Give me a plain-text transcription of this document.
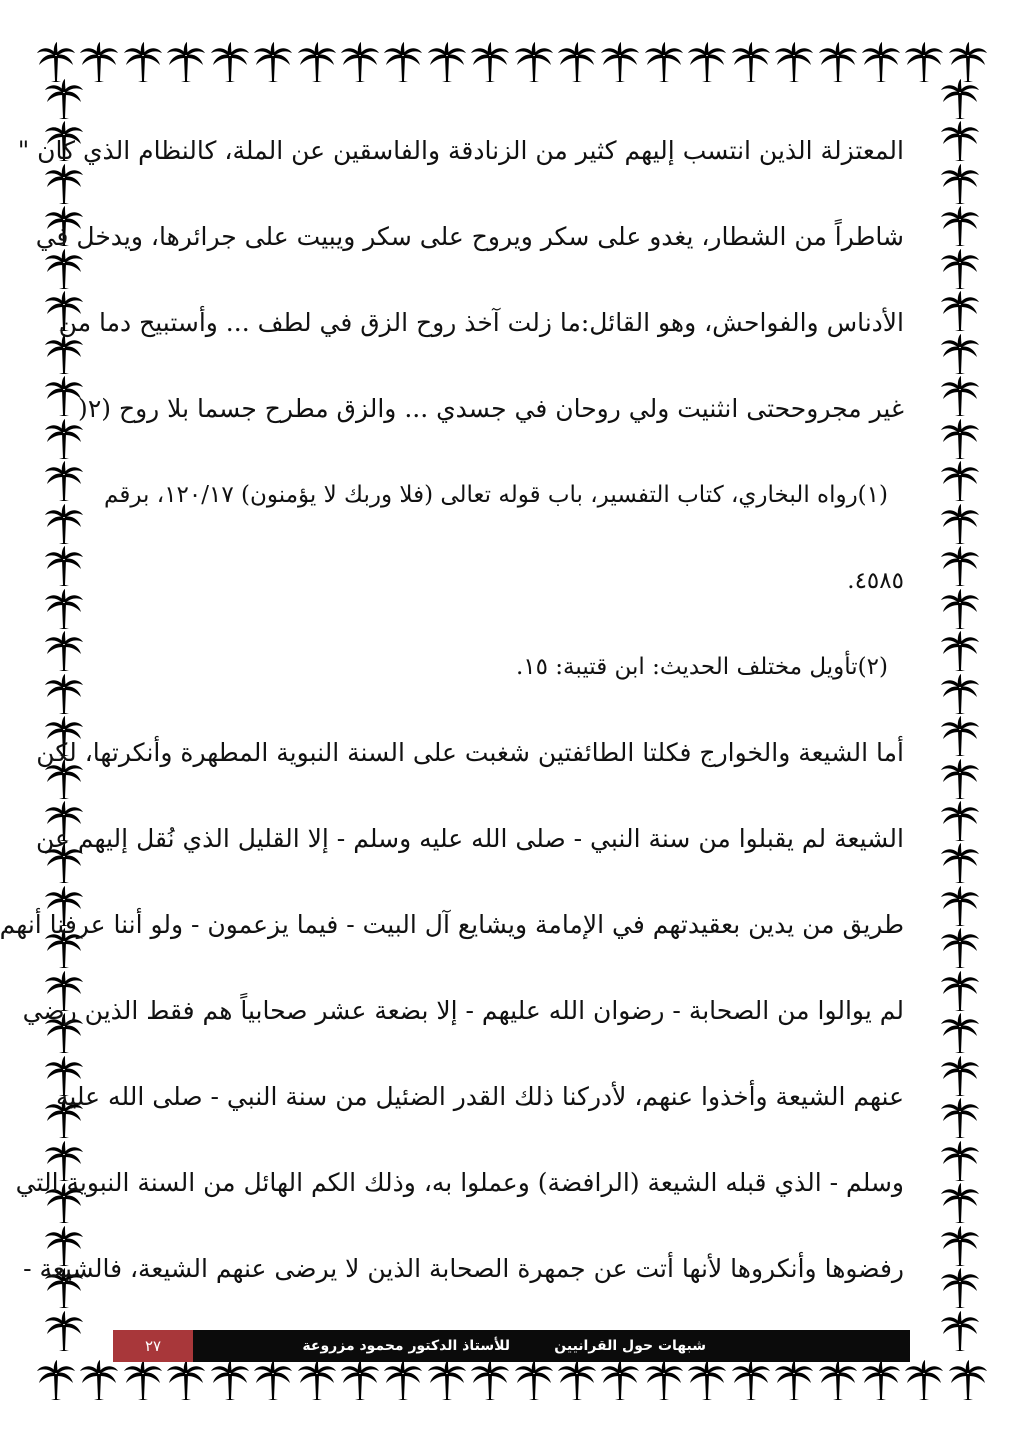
المعتزلة الذين انتسب إليهم كثير من الزنادقة والفاسقين عن الملة، كالنظام الذي كان "
شاطراً من الشطار، يغدو على سكر ويروح على سكر ويبيت على جرائرها، ويدخل في
الأدناس والفواحش، وهو القائل:ما زلت آخذ روح الزق في لطف ... وأستبيح دما من
غير مجروححتى انثنيت ولي روحان في جسدي ... والزق مطرح جسما بلا روح (٢(
(١)رواه البخاري، كتاب التفسير، باب قوله تعالى (فلا وربك لا يؤمنون) ١٢٠/١٧، برقم
٤٥٨٥.
(٢)تأويل مختلف الحديث: ابن قتيبة: ١٥.
أما الشيعة والخوارج فكلتا الطائفتين شغبت على السنة النبوية المطهرة وأنكرتها، لكن
الشيعة لم يقبلوا من سنة النبي - صلى الله عليه وسلم - إلا القليل الذي نُقل إليهم عن
طريق من يدين بعقيدتهم في الإمامة ويشايع آل البيت - فيما يزعمون - ولو أننا عرفنا أنهم
لم يوالوا من الصحابة - رضوان الله عليهم - إلا بضعة عشر صحابياً هم فقط الذين رضي
عنهم الشيعة وأخذوا عنهم، لأدركنا ذلك القدر الضئيل من سنة النبي - صلى الله عليه
وسلم - الذي قبله الشيعة (الرافضة) وعملوا به، وذلك الكم الهائل من السنة النبوية التي
رفضوها وأنكروها لأنها أتت عن جمهرة الصحابة الذين لا يرضى عنهم الشيعة، فالشيعة -
شبهات حول القرانيين
للأستاذ الدكتور محمود مزروعة
٢٧
